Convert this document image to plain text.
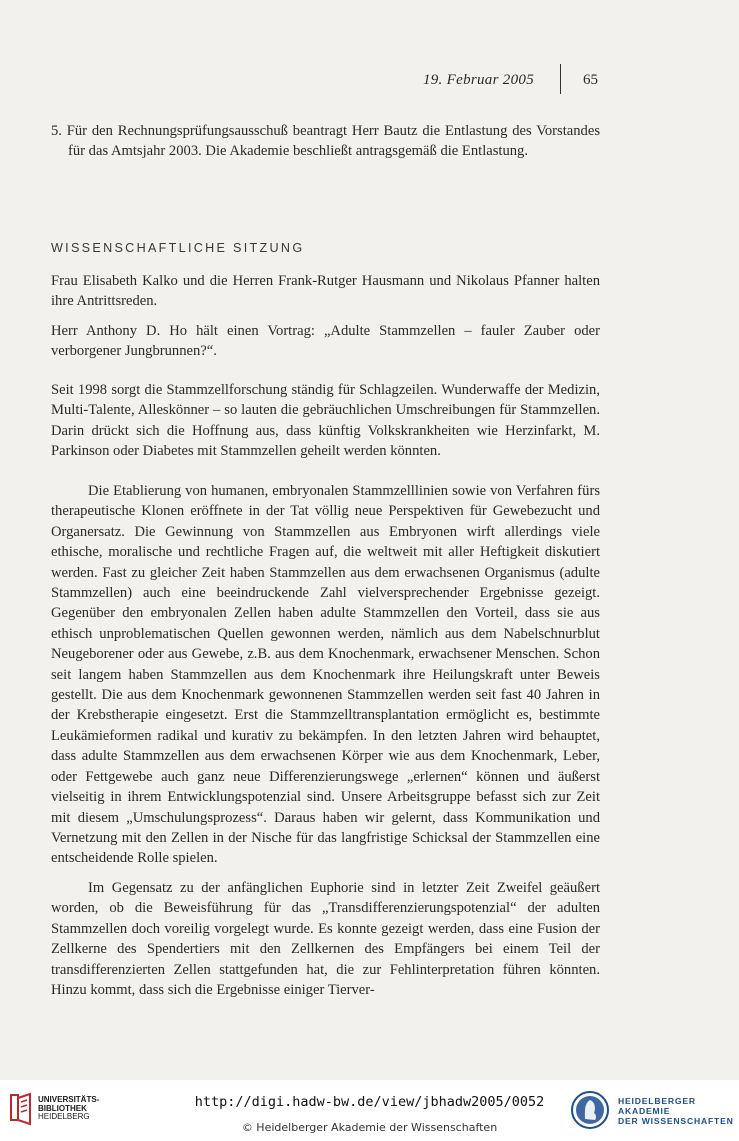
19. Februar 2005	65

5. Für den Rechnungsprüfungsausschuß beantragt Herr Bautz die Entlastung des Vorstandes für das Amtsjahr 2003. Die Akademie beschließt antragsgemäß die Entlastung.

WISSENSCHAFTLICHE SITZUNG

Frau Elisabeth Kalko und die Herren Frank-Rutger Hausmann und Nikolaus Pfanner halten ihre Antrittsreden.

Herr Anthony D. Ho hält einen Vortrag: „Adulte Stammzellen – fauler Zauber oder verborgener Jungbrunnen?“.

Seit 1998 sorgt die Stammzellforschung ständig für Schlagzeilen. Wunderwaffe der Medizin, Multi-Talente, Alleskönner – so lauten die gebräuchlichen Umschreibungen für Stammzellen. Darin drückt sich die Hoffnung aus, dass künftig Volkskrankheiten wie Herzinfarkt, M. Parkinson oder Diabetes mit Stammzellen geheilt werden könnten.

Die Etablierung von humanen, embryonalen Stammzelllinien sowie von Verfahren fürs therapeutische Klonen eröffnete in der Tat völlig neue Perspektiven für Gewebezucht und Organersatz. Die Gewinnung von Stammzellen aus Embryonen wirft allerdings viele ethische, moralische und rechtliche Fragen auf, die weltweit mit aller Heftigkeit diskutiert werden. Fast zu gleicher Zeit haben Stammzellen aus dem erwachsenen Organismus (adulte Stammzellen) auch eine beeindruckende Zahl vielversprechender Ergebnisse gezeigt. Gegenüber den embryonalen Zellen haben adulte Stammzellen den Vorteil, dass sie aus ethisch unproblematischen Quellen gewonnen werden, nämlich aus dem Nabelschnurblut Neugeborener oder aus Gewebe, z.B. aus dem Knochenmark, erwachsener Menschen. Schon seit langem haben Stammzellen aus dem Knochenmark ihre Heilungskraft unter Beweis gestellt. Die aus dem Knochenmark gewonnenen Stammzellen werden seit fast 40 Jahren in der Krebstherapie eingesetzt. Erst die Stammzelltransplantation ermöglicht es, bestimmte Leukämieformen radikal und kurativ zu bekämpfen. In den letzten Jahren wird behauptet, dass adulte Stammzellen aus dem erwachsenen Körper wie aus dem Knochenmark, Leber, oder Fettgewebe auch ganz neue Differenzierungswege „erlernen“ können und äußerst vielseitig in ihrem Entwicklungspotenzial sind. Unsere Arbeitsgruppe befasst sich zur Zeit mit diesem „Umschulungsprozess“. Daraus haben wir gelernt, dass Kommunikation und Vernetzung mit den Zellen in der Nische für das langfristige Schicksal der Stammzellen eine entscheidende Rolle spielen.

Im Gegensatz zu der anfänglichen Euphorie sind in letzter Zeit Zweifel geäußert worden, ob die Beweisführung für das „Transdifferenzierungspotenzial“ der adulten Stammzellen doch voreilig vorgelegt wurde. Es konnte gezeigt werden, dass eine Fusion der Zellkerne des Spendertiers mit den Zellkernen des Empfängers bei einem Teil der transdifferenzierten Zellen stattgefunden hat, die zur Fehlinterpretation führen könnten. Hinzu kommt, dass sich die Ergebnisse einiger Tierver-

UNIVERSITÄTS-
BIBLIOTHEK
HEIDELBERG
http://digi.hadw-bw.de/view/jbhadw2005/0052
© Heidelberger Akademie der Wissenschaften
HEIDELBERGER AKADEMIE
DER WISSENSCHAFTEN
